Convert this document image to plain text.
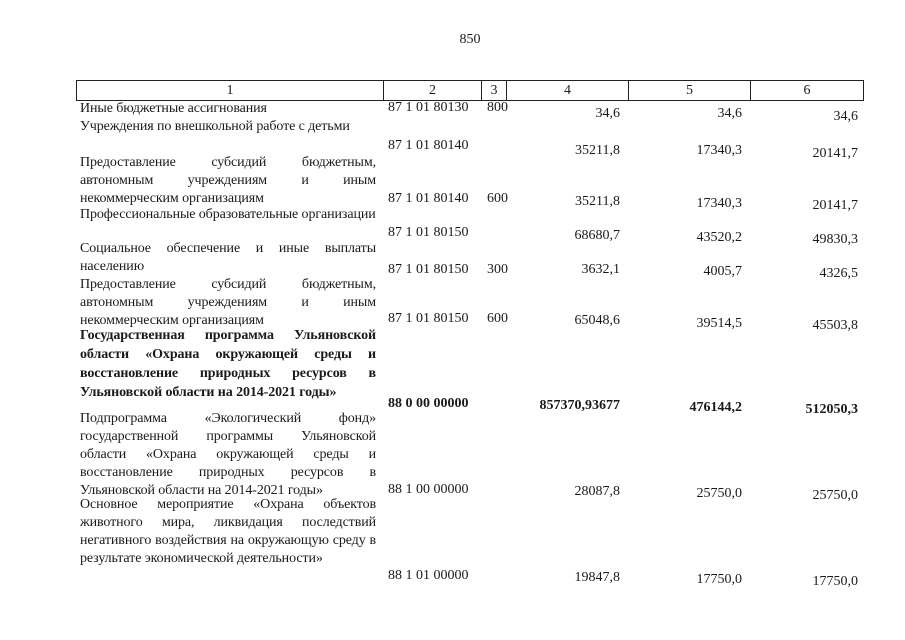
850
1	2	3	4	5	6
Иные бюджетные ассигнования	87 1 01 80130 800	34,6	34,6	34,6
Учреждения по внешкольной работе с детьми
87 1 01 80140	35211,8	17340,3	20141,7
Предоставление субсидий бюджетным, автономным учреждениям и иным некоммерческим организациям	87 1 01 80140 600	35211,8	17340,3	20141,7
Профессиональные образовательные организации
87 1 01 80150	68680,7	43520,2	49830,3
Социальное обеспечение и иные выплаты населению	87 1 01 80150 300	3632,1	4005,7	4326,5
Предоставление субсидий бюджетным, автономным учреждениям и иным некоммерческим организациям	87 1 01 80150 600	65048,6	39514,5	45503,8
Государственная программа Ульяновской области «Охрана окружающей среды и восстановление природных ресурсов в Ульяновской области на 2014-2021 годы»
88 0 00 00000	857370,93677	476144,2	512050,3
Подпрограмма «Экологический фонд» государственной программы Ульяновской области «Охрана окружающей среды и восстановление природных ресурсов в Ульяновской области на 2014-2021 годы»	88 1 00 00000	28087,8	25750,0	25750,0
Основное мероприятие «Охрана объектов животного мира, ликвидация последствий негативного воздействия на окружающую среду в результате экономической деятельности»
88 1 01 00000	19847,8	17750,0	17750,0
